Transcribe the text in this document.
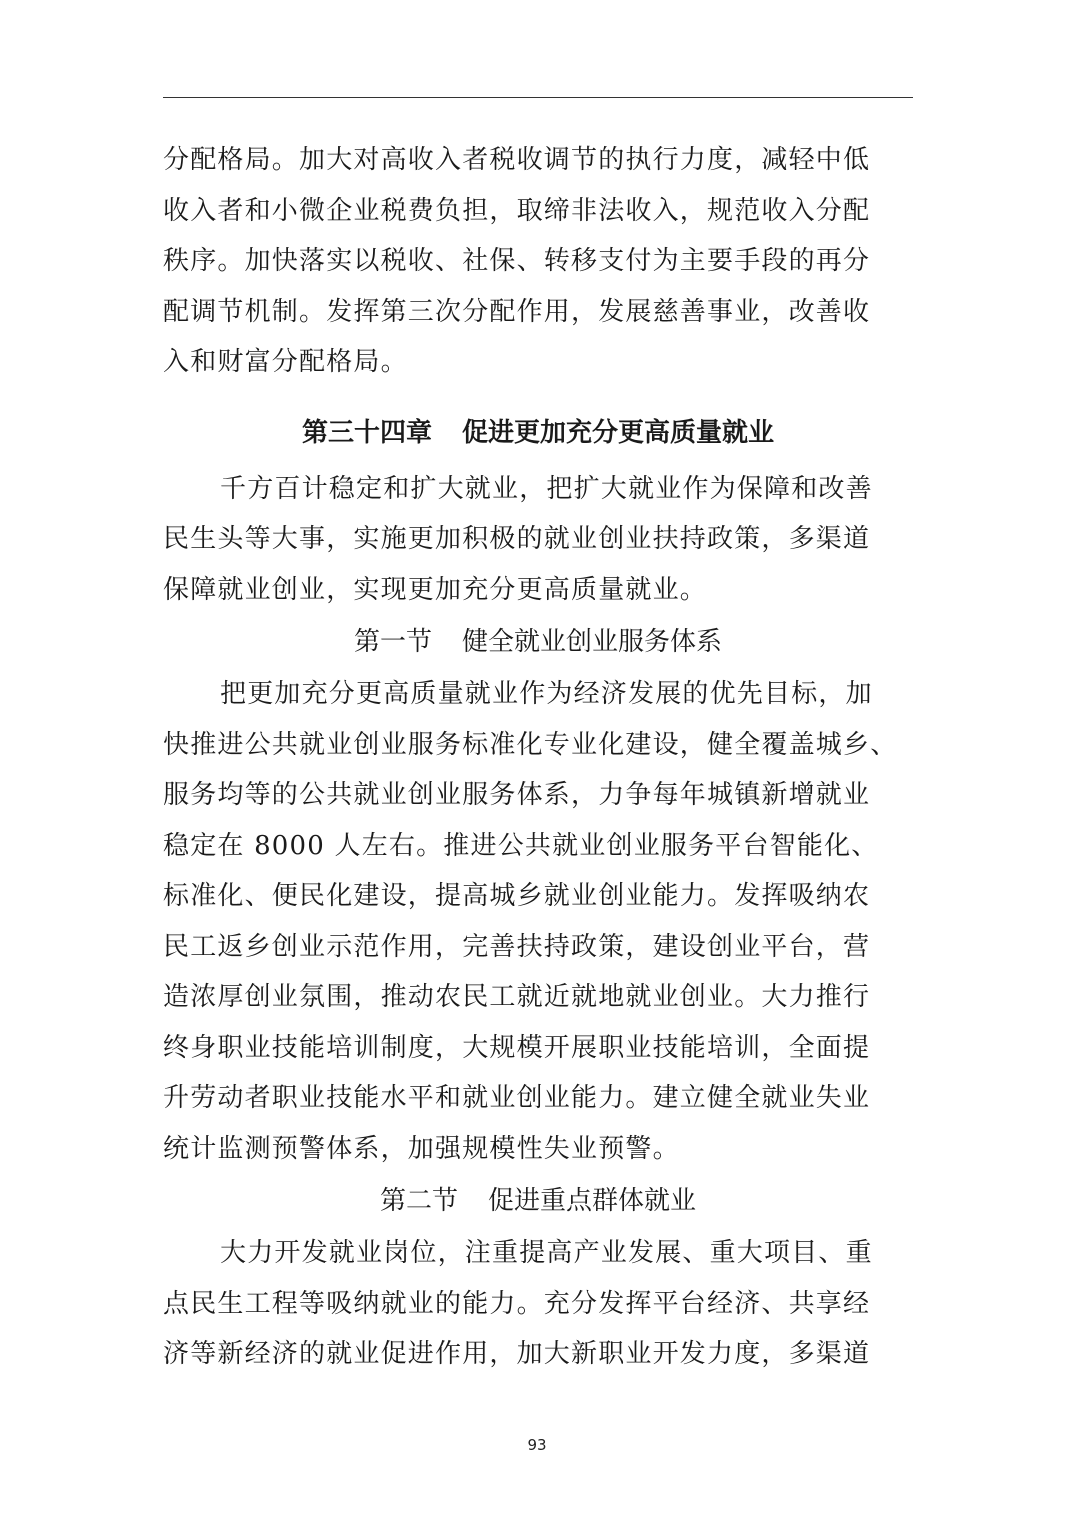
分配格局。加大对高收入者税收调节的执行力度，减轻中低
收入者和小微企业税费负担，取缔非法收入，规范收入分配
秩序。加快落实以税收、社保、转移支付为主要手段的再分
配调节机制。发挥第三次分配作用，发展慈善事业，改善收
入和财富分配格局。
第三十四章 促进更加充分更高质量就业
千方百计稳定和扩大就业，把扩大就业作为保障和改善
民生头等大事，实施更加积极的就业创业扶持政策，多渠道
保障就业创业，实现更加充分更高质量就业。
第一节 健全就业创业服务体系
把更加充分更高质量就业作为经济发展的优先目标，加
快推进公共就业创业服务标准化专业化建设，健全覆盖城乡、
服务均等的公共就业创业服务体系，力争每年城镇新增就业
稳定在 8000 人左右。推进公共就业创业服务平台智能化、
标准化、便民化建设，提高城乡就业创业能力。发挥吸纳农
民工返乡创业示范作用，完善扶持政策，建设创业平台，营
造浓厚创业氛围，推动农民工就近就地就业创业。大力推行
终身职业技能培训制度，大规模开展职业技能培训，全面提
升劳动者职业技能水平和就业创业能力。建立健全就业失业
统计监测预警体系，加强规模性失业预警。
第二节 促进重点群体就业
大力开发就业岗位，注重提高产业发展、重大项目、重
点民生工程等吸纳就业的能力。充分发挥平台经济、共享经
济等新经济的就业促进作用，加大新职业开发力度，多渠道
93
